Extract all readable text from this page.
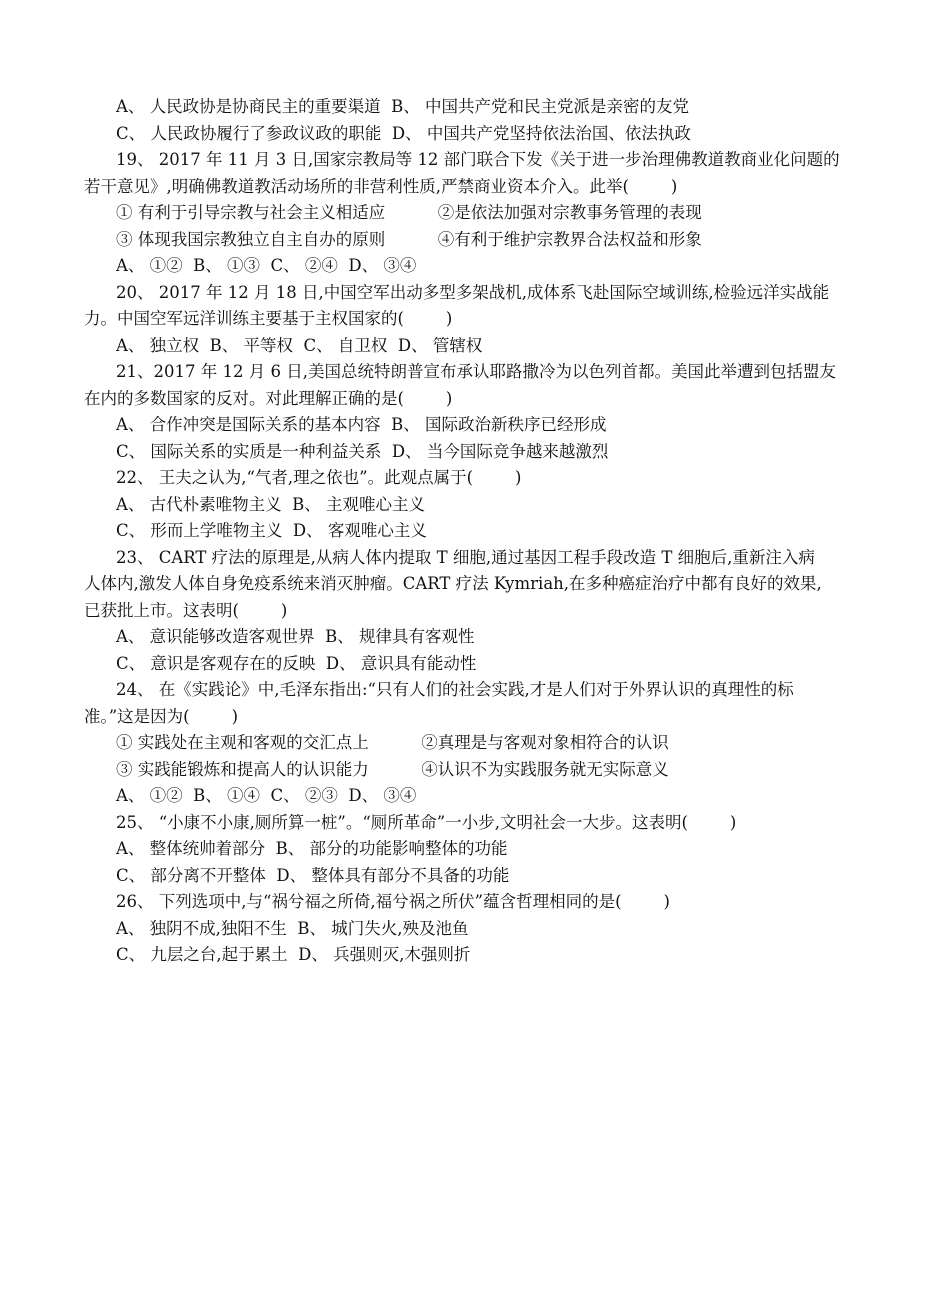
A、 人民政协是协商民主的重要渠道  B、 中国共产党和民主党派是亲密的友党
C、 人民政协履行了参政议政的职能  D、 中国共产党坚持依法治国、依法执政
19、 2017 年 11 月 3 日,国家宗教局等 12 部门联合下发《关于进一步治理佛教道教商业化问题的
若干意见》,明确佛教道教活动场所的非营利性质,严禁商业资本介入。此举(        )
① 有利于引导宗教与社会主义相适应          ②是依法加强对宗教事务管理的表现
③ 体现我国宗教独立自主自办的原则          ④有利于维护宗教界合法权益和形象
A、 ①②  B、 ①③  C、 ②④  D、 ③④
20、 2017 年 12 月 18 日,中国空军出动多型多架战机,成体系飞赴国际空域训练,检验远洋实战能
力。中国空军远洋训练主要基于主权国家的(        )
A、 独立权  B、 平等权  C、 自卫权  D、 管辖权
21、2017 年 12 月 6 日,美国总统特朗普宣布承认耶路撒冷为以色列首都。美国此举遭到包括盟友
在内的多数国家的反对。对此理解正确的是(        )
A、 合作冲突是国际关系的基本内容  B、 国际政治新秩序已经形成
C、 国际关系的实质是一种利益关系  D、 当今国际竞争越来越激烈
22、 王夫之认为,“气者,理之依也”。此观点属于(        )
A、 古代朴素唯物主义  B、 主观唯心主义
C、 形而上学唯物主义  D、 客观唯心主义
23、 CART 疗法的原理是,从病人体内提取 T 细胞,通过基因工程手段改造 T 细胞后,重新注入病
人体内,激发人体自身免疫系统来消灭肿瘤。CART 疗法 Kymriah,在多种癌症治疗中都有良好的效果,
已获批上市。这表明(        )
A、 意识能够改造客观世界  B、 规律具有客观性
C、 意识是客观存在的反映  D、 意识具有能动性
24、 在《实践论》中,毛泽东指出:“只有人们的社会实践,才是人们对于外界认识的真理性的标
准。”这是因为(        )
① 实践处在主观和客观的交汇点上          ②真理是与客观对象相符合的认识
③ 实践能锻炼和提高人的认识能力          ④认识不为实践服务就无实际意义
A、 ①②  B、 ①④  C、 ②③  D、 ③④
25、 “小康不小康,厕所算一桩”。“厕所革命”一小步,文明社会一大步。这表明(        )
A、 整体统帅着部分  B、 部分的功能影响整体的功能
C、 部分离不开整体  D、 整体具有部分不具备的功能
26、 下列选项中,与“祸兮福之所倚,福兮祸之所伏”蕴含哲理相同的是(        )
A、 独阴不成,独阳不生  B、 城门失火,殃及池鱼
C、 九层之台,起于累土  D、 兵强则灭,木强则折
